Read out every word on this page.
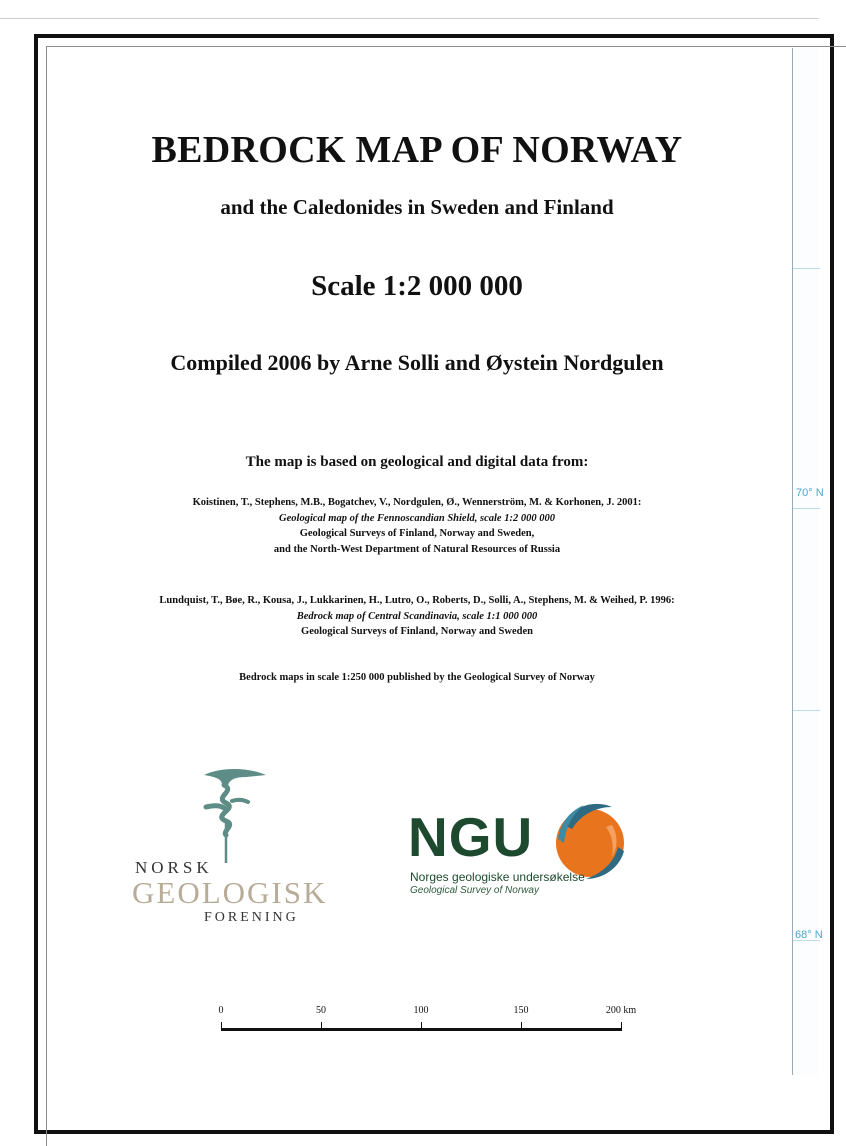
70° N
68° N
BEDROCK MAP OF NORWAY
and the Caledonides in Sweden and Finland
Scale 1:2 000 000
Compiled 2006 by Arne Solli and Øystein Nordgulen
The map is based on geological and digital data from:
Koistinen, T., Stephens, M.B., Bogatchev, V., Nordgulen, Ø., Wennerström, M. & Korhonen, J. 2001:
Geological map of the Fennoscandian Shield, scale 1:2 000 000
Geological Surveys of Finland, Norway and Sweden,
and the North-West Department of Natural Resources of Russia
Lundquist, T., Bøe, R., Kousa, J., Lukkarinen, H., Lutro, O., Roberts, D., Solli, A., Stephens, M. & Weihed, P. 1996:
Bedrock map of Central Scandinavia, scale 1:1 000 000
Geological Surveys of Finland, Norway and Sweden
Bedrock maps in scale 1:250 000 published by the Geological Survey of Norway
NORSK
GEOLOGISK
FORENING
NGU
Norges geologiske undersøkelse
Geological Survey of Norway
0	50	100	150	200 km
